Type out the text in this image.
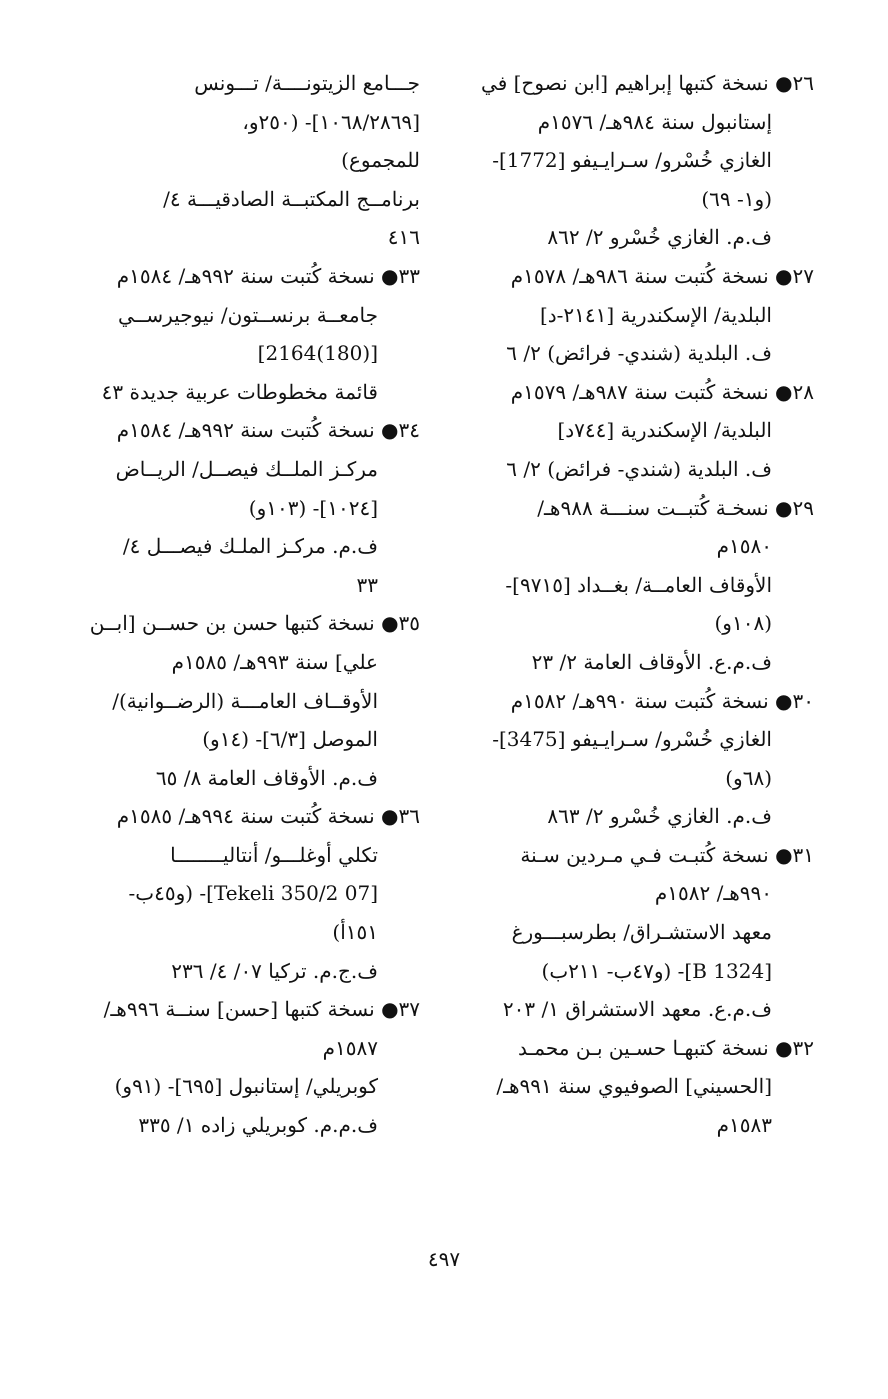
٢٦● نسخة كتبها إبراهيم [ابن نصوح] في
إستانبول سنة ٩٨٤هـ/ ١٥٧٦م
الغازي خُسْرو/ سـرايـيفو [1772]-
(و١- ٦٩)
ف.م. الغازي خُسْرو ٢/ ٨٦٢
٢٧● نسخة كُتبت سنة ٩٨٦هـ/ ١٥٧٨م
البلدية/ الإسكندرية [٢١٤١-د]
ف. البلدية (شندي- فرائض) ٢/ ٦
٢٨● نسخة كُتبت سنة ٩٨٧هـ/ ١٥٧٩م
البلدية/ الإسكندرية [٧٤٤د]
ف. البلدية (شندي- فرائض) ٢/ ٦
٢٩● نسخـة كُتبــت سنـــة ٩٨٨هـ/
١٥٨٠م
الأوقاف العامــة/ بغــداد [٩٧١٥]-
(١٠٨و)
ف.م.ع. الأوقاف العامة ٢/ ٢٣
٣٠● نسخة كُتبت سنة ٩٩٠هـ/ ١٥٨٢م
الغازي خُسْرو/ سـرايـيفو [3475]-
(٦٨و)
ف.م. الغازي خُسْرو ٢/ ٨٦٣
٣١● نسخة كُتبـت فـي مـردين سـنة
٩٩٠هـ/ ١٥٨٢م
معهد الاستشـراق/ بطرسبـــورغ
[B 1324]- (و٤٧ب- ٢١١ب)
ف.م.ع. معهد الاستشراق ١/ ٢٠٣
٣٢● نسخة كتبهـا حسـين بـن محمـد
[الحسيني] الصوفيوي سنة ٩٩١هـ/
١٥٨٣م
جـــامع الزيتونــــة/ تـــونس
[١٠٦٨/٢٨٦٩]- (٢٥٠و،
للمجموع)
برنامــج المكتبــة الصادقيـــة ٤/
٤١٦
٣٣● نسخة كُتبت سنة ٩٩٢هـ/ ١٥٨٤م
جامعــة برنســتون/ نيوجيرســي
[(180)2164]
قائمة مخطوطات عربية جديدة ٤٣
٣٤● نسخة كُتبت سنة ٩٩٢هـ/ ١٥٨٤م
مركـز الملــك فيصــل/ الريــاض
[١٠٢٤]- (١٠٣و)
ف.م. مركـز الملـك فيصـــل ٤/
٣٣
٣٥● نسخة كتبها حسن بن حســن [ابــن
علي] سنة ٩٩٣هـ/ ١٥٨٥م
الأوقــاف العامـــة (الرضــوانية)/
الموصل [٦/٣]- (١٤و)
ف.م. الأوقاف العامة ٨/ ٦٥
٣٦● نسخة كُتبت سنة ٩٩٤هـ/ ١٥٨٥م
تكلي أوغلـــو/ أنتاليــــــــا
[07 Tekeli 350/2]- (و٤٥ب-
١٥١أ)
ف.ج.م. تركيا ٠٧/ ٤/ ٢٣٦
٣٧● نسخة كتبها [حسن] سنــة ٩٩٦هـ/
١٥٨٧م
كوبريلي/ إستانبول [٦٩٥]- (٩١و)
ف.م.م. كوبريلي زاده ١/ ٣٣٥
٤٩٧
